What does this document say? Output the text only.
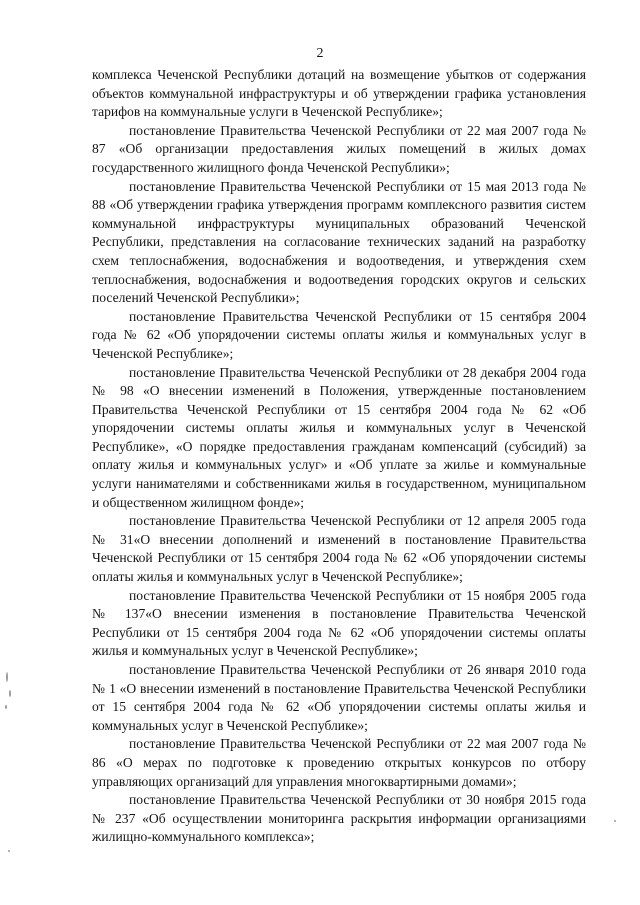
2
комплекса Чеченской Республики дотаций на возмещение убытков от содержания объектов коммунальной инфраструктуры и об утверждении графика установления тарифов на коммунальные услуги в Чеченской Республике»;
постановление Правительства Чеченской Республики от 22 мая 2007 года № 87 «Об организации предоставления жилых помещений в жилых домах государственного жилищного фонда Чеченской Республики»;
постановление Правительства Чеченской Республики от 15 мая 2013 года № 88 «Об утверждении графика утверждения программ комплексного развития систем коммунальной инфраструктуры муниципальных образований Чеченской Республики, представления на согласование технических заданий на разработку схем теплоснабжения, водоснабжения и водоотведения, и утверждения схем теплоснабжения, водоснабжения и водоотведения городских округов и сельских поселений Чеченской Республики»;
постановление Правительства Чеченской Республики от 15 сентября 2004 года № 62 «Об упорядочении системы оплаты жилья и коммунальных услуг в Чеченской Республике»;
постановление Правительства Чеченской Республики от 28 декабря 2004 года № 98 «О внесении изменений в Положения, утвержденные постановлением Правительства Чеченской Республики от 15 сентября 2004 года № 62 «Об упорядочении системы оплаты жилья и коммунальных услуг в Чеченской Республике», «О порядке предоставления гражданам компенсаций (субсидий) за оплату жилья и коммунальных услуг» и «Об уплате за жилье и коммунальные услуги нанимателями и собственниками жилья в государственном, муниципальном и общественном жилищном фонде»;
постановление Правительства Чеченской Республики от 12 апреля 2005 года № 31«О внесении дополнений и изменений в постановление Правительства Чеченской Республики от 15 сентября 2004 года № 62 «Об упорядочении системы оплаты жилья и коммунальных услуг в Чеченской Республике»;
постановление Правительства Чеченской Республики от 15 ноября 2005 года № 137«О внесении изменения в постановление Правительства Чеченской Республики от 15 сентября 2004 года № 62 «Об упорядочении системы оплаты жилья и коммунальных услуг в Чеченской Республике»;
постановление Правительства Чеченской Республики от 26 января 2010 года № 1 «О внесении изменений в постановление Правительства Чеченской Республики от 15 сентября 2004 года № 62 «Об упорядочении системы оплаты жилья и коммунальных услуг в Чеченской Республике»;
постановление Правительства Чеченской Республики от 22 мая 2007 года № 86 «О мерах по подготовке к проведению открытых конкурсов по отбору управляющих организаций для управления многоквартирными домами»;
постановление Правительства Чеченской Республики от 30 ноября 2015 года № 237 «Об осуществлении мониторинга раскрытия информации организациями жилищно-коммунального комплекса»;
